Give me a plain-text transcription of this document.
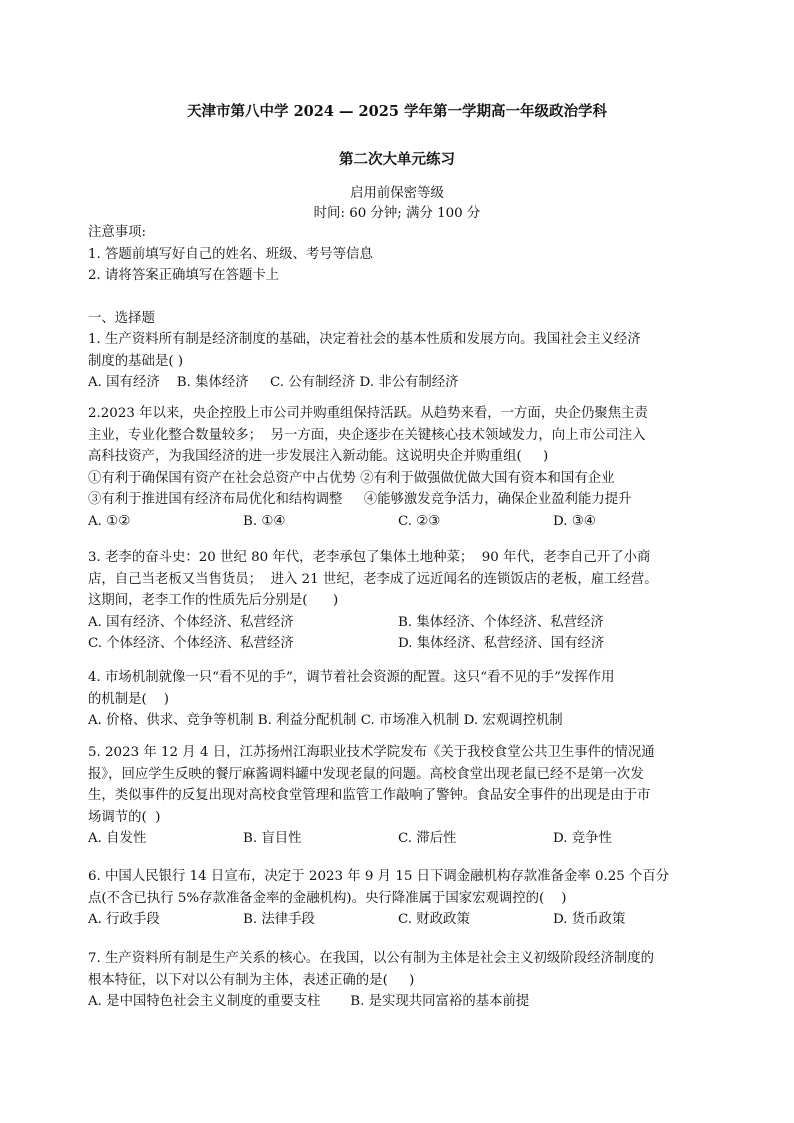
天津市第八中学 2024 — 2025 学年第一学期高一年级政治学科
第二次大单元练习
启用前保密等级
时间: 60 分钟; 满分 100 分
注意事项:
1. 答题前填写好自己的姓名、班级、考号等信息
2. 请将答案正确填写在答题卡上
一、选择题
1. 生产资料所有制是经济制度的基础，决定着社会的基本性质和发展方向。我国社会主义经济
制度的基础是( )
A. 国有经济    B. 集体经济     C. 公有制经济 D. 非公有制经济
2.2023 年以来，央企控股上市公司并购重组保持活跃。从趋势来看，一方面，央企仍聚焦主责
主业，专业化整合数量较多；  另一方面，央企逐步在关键核心技术领域发力，向上市公司注入
高科技资产，为我国经济的进一步发展注入新动能。这说明央企并购重组(     )
①有利于确保国有资产在社会总资产中占优势 ②有利于做强做优做大国有资本和国有企业
③有利于推进国有经济布局优化和结构调整     ④能够激发竞争活力，确保企业盈利能力提升
A. ①②	B. ①④	C. ②③	D. ③④
3. 老李的奋斗史：20 世纪 80 年代，老李承包了集体土地种菜；  90 年代，老李自己开了小商
店，自己当老板又当售货员；  进入 21 世纪，老李成了远近闻名的连锁饭店的老板，雇工经营。
这期间，老李工作的性质先后分别是(      )
A. 国有经济、个体经济、私营经济	B. 集体经济、个体经济、私营经济
C. 个体经济、个体经济、私营经济	D. 集体经济、私营经济、国有经济
4. 市场机制就像一只“看不见的手”，调节着社会资源的配置。这只“看不见的手”发挥作用
的机制是(    )
A. 价格、供求、竞争等机制 B. 利益分配机制 C. 市场准入机制 D. 宏观调控机制
5. 2023 年 12 月 4 日，江苏扬州江海职业技术学院发布《关于我校食堂公共卫生事件的情况通
报》，回应学生反映的餐厅麻酱调料罐中发现老鼠的问题。高校食堂出现老鼠已经不是第一次发
生，类似事件的反复出现对高校食堂管理和监管工作敲响了警钟。食品安全事件的出现是由于市
场调节的(  )
A. 自发性	B. 盲目性	C. 滞后性	D. 竞争性
6. 中国人民银行 14 日宣布，决定于 2023 年 9 月 15 日下调金融机构存款准备金率 0.25 个百分
点(不含已执行 5%存款准备金率的金融机构)。央行降准属于国家宏观调控的(    )
A. 行政手段	B. 法律手段	C. 财政政策	D. 货币政策
7. 生产资料所有制是生产关系的核心。在我国，以公有制为主体是社会主义初级阶段经济制度的
根本特征，以下对以公有制为主体，表述正确的是(     )
A. 是中国特色社会主义制度的重要支柱       B. 是实现共同富裕的基本前提
